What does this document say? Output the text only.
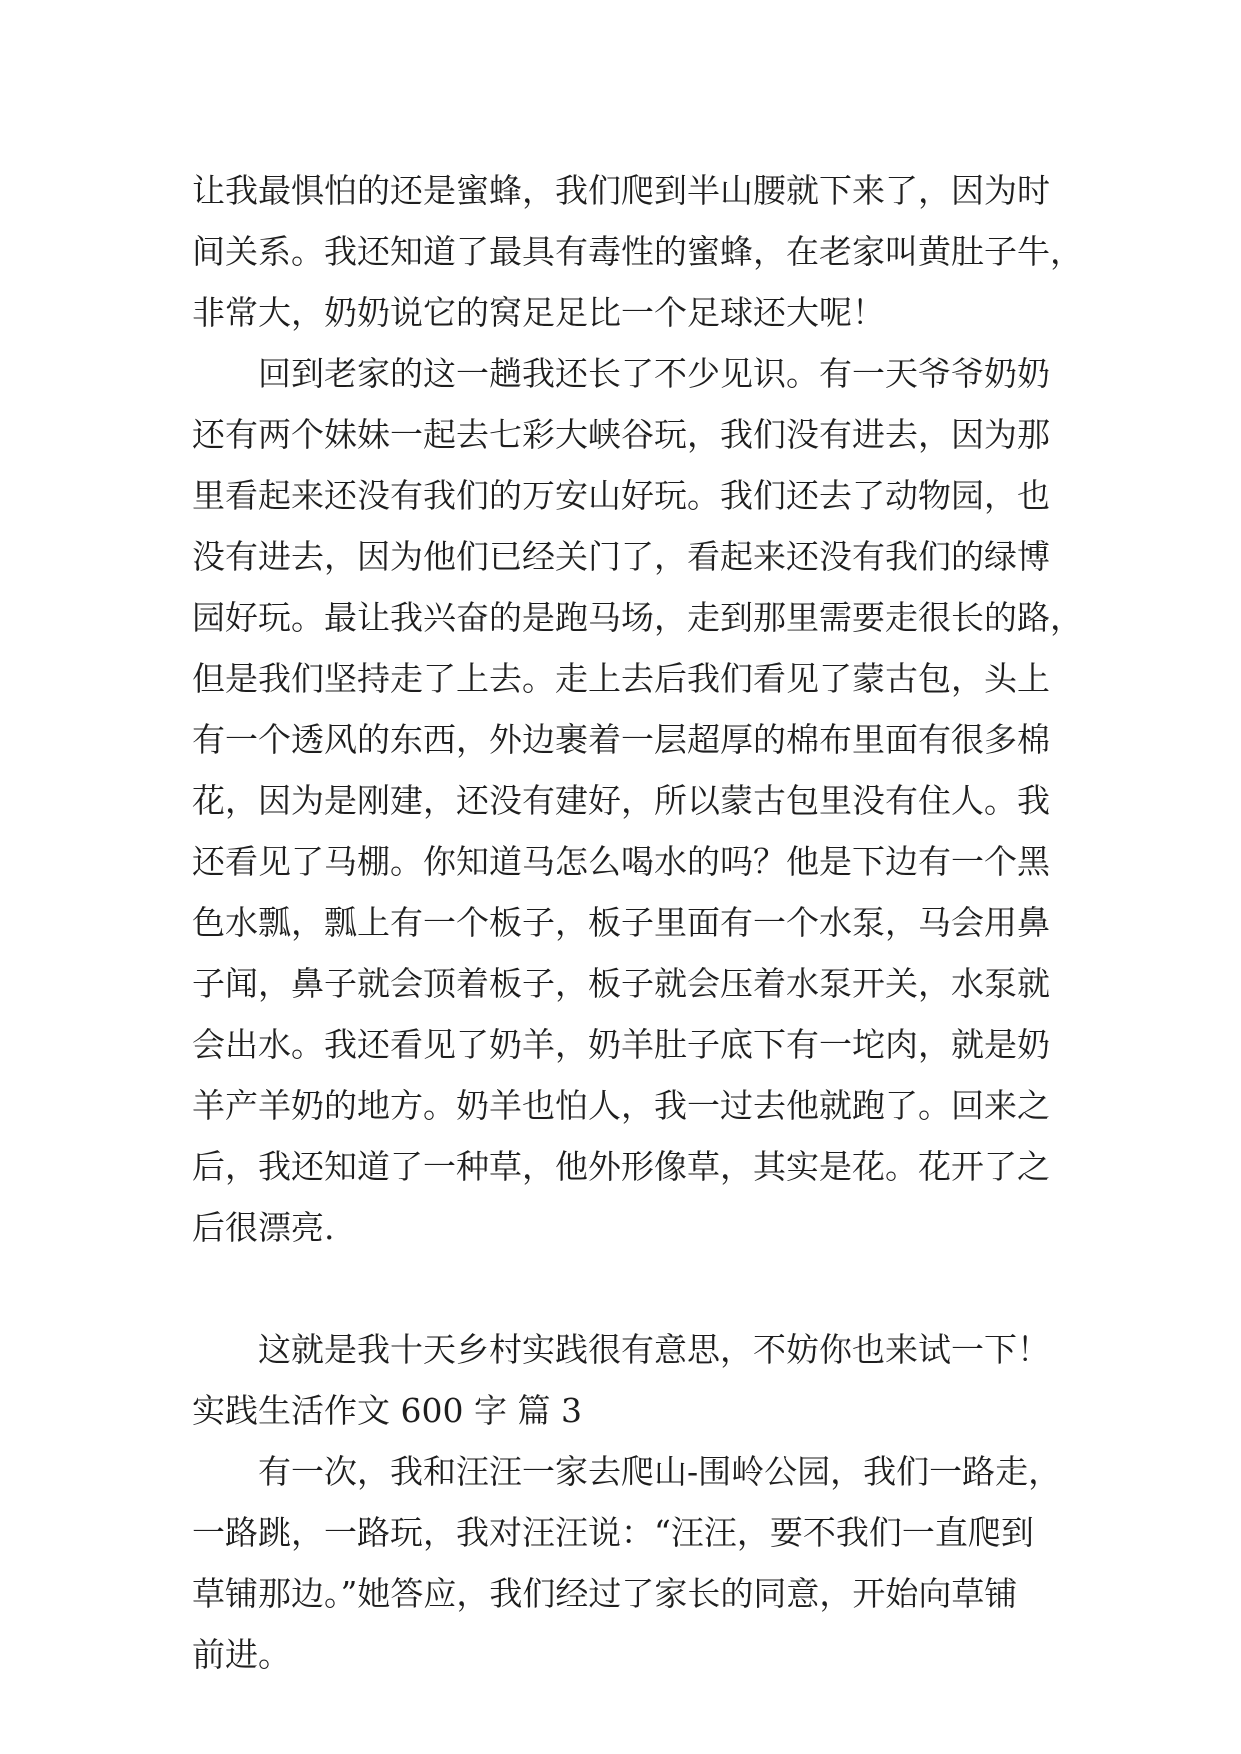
让我最惧怕的还是蜜蜂，我们爬到半山腰就下来了，因为时
间关系。我还知道了最具有毒性的蜜蜂，在老家叫黄肚子牛，
非常大，奶奶说它的窝足足比一个足球还大呢！
回到老家的这一趟我还长了不少见识。有一天爷爷奶奶
还有两个妹妹一起去七彩大峡谷玩，我们没有进去，因为那
里看起来还没有我们的万安山好玩。我们还去了动物园，也
没有进去，因为他们已经关门了，看起来还没有我们的绿博
园好玩。最让我兴奋的是跑马场，走到那里需要走很长的路，
但是我们坚持走了上去。走上去后我们看见了蒙古包，头上
有一个透风的东西，外边裹着一层超厚的棉布里面有很多棉
花，因为是刚建，还没有建好，所以蒙古包里没有住人。我
还看见了马棚。你知道马怎么喝水的吗？他是下边有一个黑
色水瓢，瓢上有一个板子，板子里面有一个水泵，马会用鼻
子闻，鼻子就会顶着板子，板子就会压着水泵开关，水泵就
会出水。我还看见了奶羊，奶羊肚子底下有一坨肉，就是奶
羊产羊奶的地方。奶羊也怕人，我一过去他就跑了。回来之
后，我还知道了一种草，他外形像草，其实是花。花开了之
后很漂亮.
这就是我十天乡村实践很有意思，不妨你也来试一下！
实践生活作文 600 字 篇 3
有一次，我和汪汪一家去爬山-围岭公园，我们一路走，
一路跳，一路玩，我对汪汪说：“汪汪，要不我们一直爬到
草铺那边。”她答应，我们经过了家长的同意，开始向草铺
前进。
